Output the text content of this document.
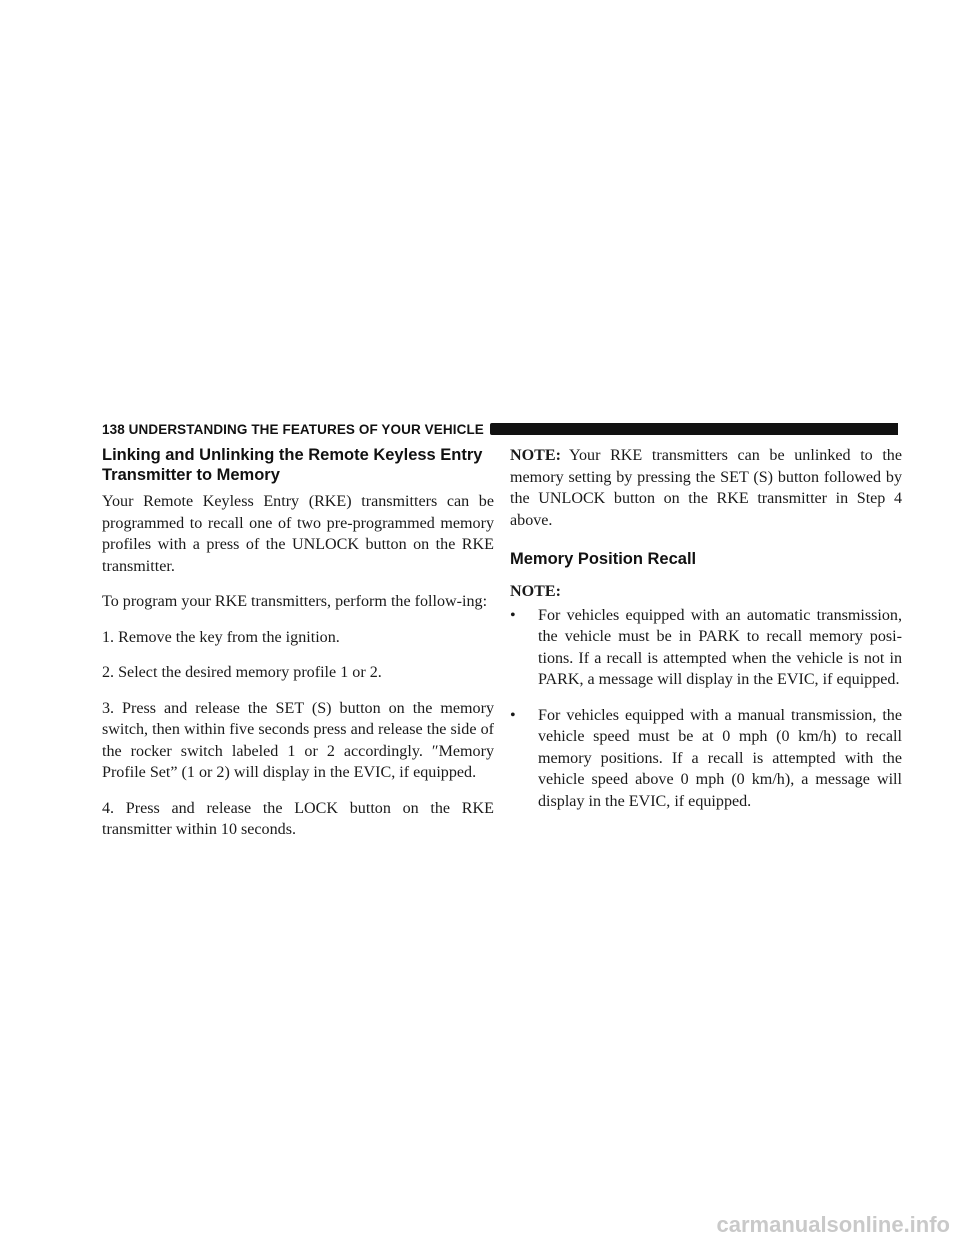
138 UNDERSTANDING THE FEATURES OF YOUR VEHICLE
Linking and Unlinking the Remote Keyless Entry Transmitter to Memory

Your Remote Keyless Entry (RKE) transmitters can be programmed to recall one of two pre-programmed memory profiles with a press of the UNLOCK button on the RKE transmitter.

To program your RKE transmitters, perform the follow-ing:

1. Remove the key from the ignition.

2. Select the desired memory profile 1 or 2.

3. Press and release the SET (S) button on the memory switch, then within five seconds press and release the side of the rocker switch labeled 1 or 2 accordingly. ″Memory Profile Set” (1 or 2) will display in the EVIC, if equipped.

4. Press and release the LOCK button on the RKE transmitter within 10 seconds.

NOTE: Your RKE transmitters can be unlinked to the memory setting by pressing the SET (S) button followed by the UNLOCK button on the RKE transmitter in Step 4 above.

Memory Position Recall

NOTE:

• For vehicles equipped with an automatic transmission, the vehicle must be in PARK to recall memory posi-tions. If a recall is attempted when the vehicle is not in PARK, a message will display in the EVIC, if equipped.
• For vehicles equipped with a manual transmission, the vehicle speed must be at 0 mph (0 km/h) to recall memory positions. If a recall is attempted with the vehicle speed above 0 mph (0 km/h), a message will display in the EVIC, if equipped.
carmanualsonline.info
